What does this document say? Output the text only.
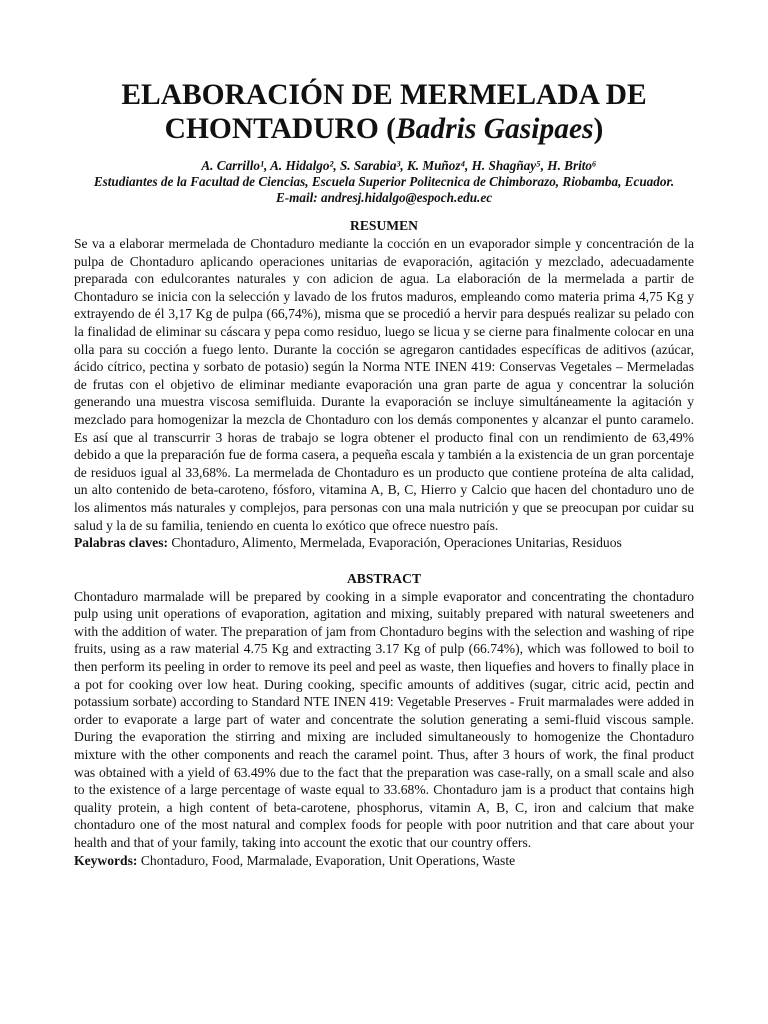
ELABORACIÓN DE MERMELADA DE
CHONTADURO (Badris Gasipaes)
A. Carrillo¹, A. Hidalgo², S. Sarabia³, K. Muñoz⁴, H. Shagñay⁵, H. Brito⁶
Estudiantes de la Facultad de Ciencias, Escuela Superior Politecnica de Chimborazo, Riobamba, Ecuador.
E-mail: andresj.hidalgo@espoch.edu.ec
RESUMEN

Se va a elaborar mermelada de Chontaduro mediante la cocción en un evaporador simple y concentración de la pulpa de Chontaduro aplicando operaciones unitarias de evaporación, agitación y mezclado, adecuadamente preparada con edulcorantes naturales y con adicion de agua. La elaboración de la mermelada a partir de Chontaduro se inicia con la selección y lavado de los frutos maduros, empleando como materia prima 4,75 Kg y extrayendo de él 3,17 Kg de pulpa (66,74%), misma que se procedió a hervir para después realizar su pelado con la finalidad de eliminar su cáscara y pepa como residuo, luego se licua y se cierne para finalmente colocar en una olla para su cocción a fuego lento. Durante la cocción se agregaron cantidades específicas de aditivos (azúcar, ácido cítrico, pectina y sorbato de potasio) según la Norma NTE INEN 419: Conservas Vegetales – Mermeladas de frutas con el objetivo de eliminar mediante evaporación una gran parte de agua y concentrar la solución generando una muestra viscosa semifluida. Durante la evaporación se incluye simultáneamente la agitación y mezclado para homogenizar la mezcla de Chontaduro con los demás componentes y alcanzar el punto caramelo. Es así que al transcurrir 3 horas de trabajo se logra obtener el producto final con un rendimiento de 63,49% debido a que la preparación fue de forma casera, a pequeña escala y también a la existencia de un gran porcentaje de residuos igual al 33,68%. La mermelada de Chontaduro es un producto que contiene proteína de alta calidad, un alto contenido de beta-caroteno, fósforo, vitamina A, B, C, Hierro y Calcio que hacen del chontaduro uno de los alimentos más naturales y complejos, para personas con una mala nutrición y que se preocupan por cuidar su salud y la de su familia, teniendo en cuenta lo exótico que ofrece nuestro país.

Palabras claves: Chontaduro, Alimento, Mermelada, Evaporación, Operaciones Unitarias, Residuos

ABSTRACT

Chontaduro marmalade will be prepared by cooking in a simple evaporator and concentrating the chontaduro pulp using unit operations of evaporation, agitation and mixing, suitably prepared with natural sweeteners and with the addition of water. The preparation of jam from Chontaduro begins with the selection and washing of ripe fruits, using as a raw material 4.75 Kg and extracting 3.17 Kg of pulp (66.74%), which was followed to boil to then perform its peeling in order to remove its peel and peel as waste, then liquefies and hovers to finally place in a pot for cooking over low heat. During cooking, specific amounts of additives (sugar, citric acid, pectin and potassium sorbate) according to Standard NTE INEN 419: Vegetable Preserves - Fruit marmalades were added in order to evaporate a large part of water and concentrate the solution generating a semi-fluid viscous sample. During the evaporation the stirring and mixing are included simultaneously to homogenize the Chontaduro mixture with the other components and reach the caramel point. Thus, after 3 hours of work, the final product was obtained with a yield of 63.49% due to the fact that the preparation was case-rally, on a small scale and also to the existence of a large percentage of waste equal to 33.68%. Chontaduro jam is a product that contains high quality protein, a high content of beta-carotene, phosphorus, vitamin A, B, C, iron and calcium that make chontaduro one of the most natural and complex foods for people with poor nutrition and that care about your health and that of your family, taking into account the exotic that our country offers.

Keywords: Chontaduro, Food, Marmalade, Evaporation, Unit Operations, Waste
